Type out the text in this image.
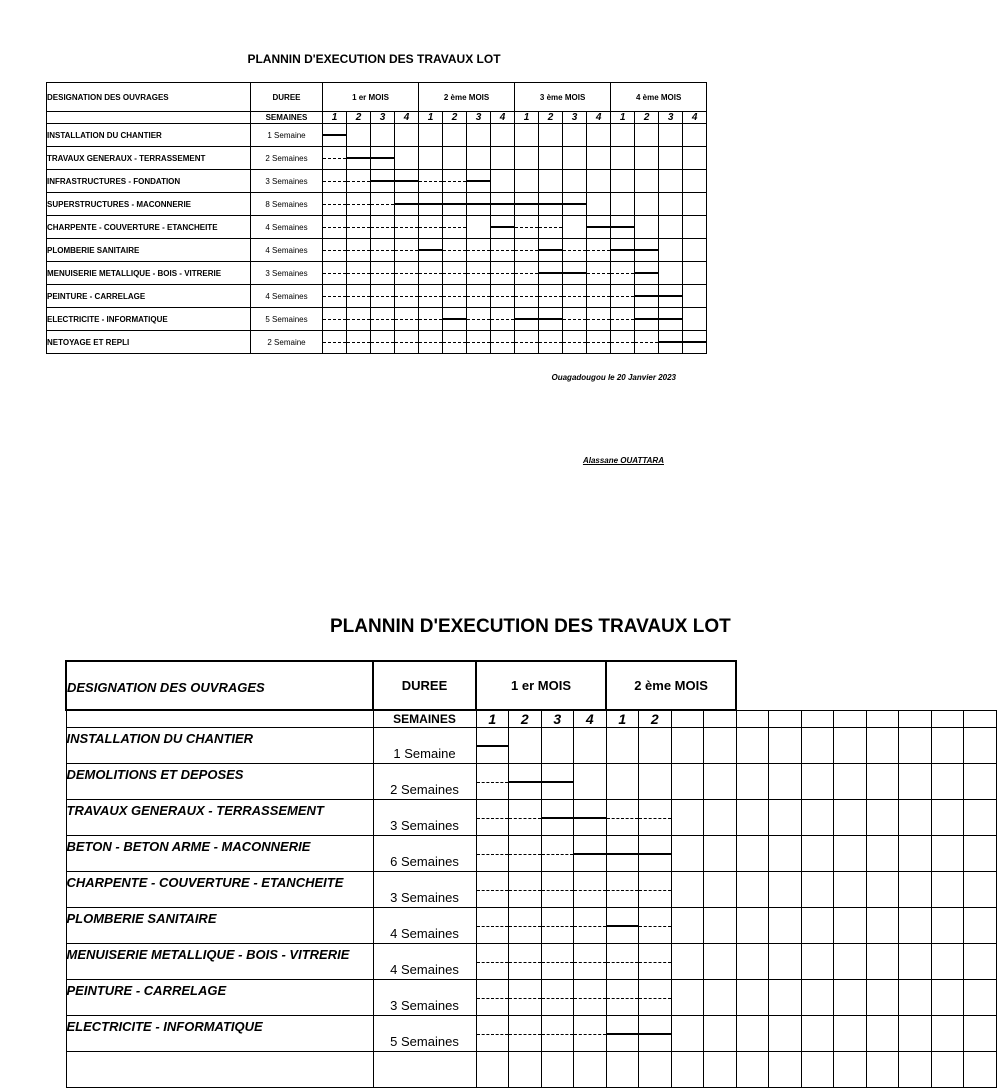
PLANNIN D'EXECUTION DES TRAVAUX LOT
DESIGNATION DES OUVRAGES	DUREE	1 er MOIS				2 ème MOIS				3 ème MOIS				4 ème MOIS			
	SEMAINES	1	2	3	4	1	2	3	4	1	2	3	4	1	2	3	4
INSTALLATION DU CHANTIER	1 Semaine	

TRAVAUX GENERAUX - TERRASSEMENT	2 Semaines	

INFRASTRUCTURES - FONDATION	3 Semaines	

SUPERSTRUCTURES - MACONNERIE	8 Semaines	

CHARPENTE - COUVERTURE - ETANCHEITE	4 Semaines	

PLOMBERIE SANITAIRE	4 Semaines	

MENUISERIE METALLIQUE - BOIS - VITRERIE	3 Semaines	

PEINTURE - CARRELAGE	4 Semaines	

ELECTRICITE - INFORMATIQUE	5 Semaines	

NETOYAGE ET REPLI	2 Semaine	

Ouagadougou le 20 Janvier 2023
Alassane OUATTARA
PLANNIN D'EXECUTION DES TRAVAUX LOT
DESIGNATION DES OUVRAGES	DUREE	1 er MOIS				2 ème MOIS											
	SEMAINES	1	2	3	4	1	2										
INSTALLATION DU CHANTIER	1 Semaine																

DEMOLITIONS ET DEPOSES	2 Semaines																

TRAVAUX GENERAUX - TERRASSEMENT	3 Semaines																

BETON - BETON ARME - MACONNERIE	6 Semaines																

CHARPENTE - COUVERTURE - ETANCHEITE	3 Semaines																

PLOMBERIE SANITAIRE	4 Semaines																

MENUISERIE METALLIQUE - BOIS - VITRERIE	4 Semaines																

PEINTURE - CARRELAGE	3 Semaines																

ELECTRICITE - INFORMATIQUE	5 Semaines																
